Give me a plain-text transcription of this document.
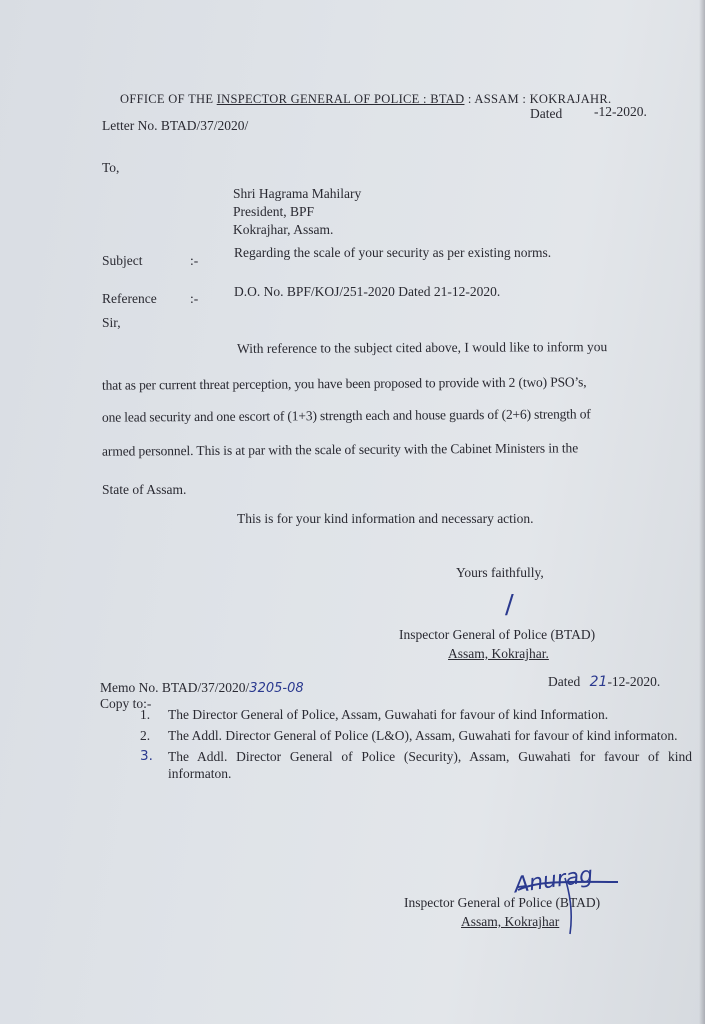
OFFICE OF THE INSPECTOR GENERAL OF POLICE : BTAD : ASSAM : KOKRAJAHR.
Letter No. BTAD/37/2020/
Dated -12-2020.
To,
Shri Hagrama Mahilary
President, BPF
Kokrajhar, Assam.
Subject	:-
Regarding the scale of your security as per existing norms.
Reference :-	D.O. No. BPF/KOJ/251-2020 Dated 21-12-2020.
Sir,
With reference to the subject cited above, I would like to inform you
that as per current threat perception, you have been proposed to provide with 2 (two) PSO’s,
one lead security and one escort of (1+3) strength each and house guards of (2+6) strength of
armed personnel. This is at par with the scale of security with the Cabinet Ministers in the
State of Assam.
This is for your kind information and necessary action.
Yours faithfully,
/
Inspector General of Police (BTAD)
Assam, Kokrajhar.
Memo No. BTAD/37/2020/3205-08	Dated 21-12-2020.
Copy to:-
1. The Director General of Police, Assam, Guwahati for favour of kind Information.
2. The Addl. Director General of Police (L&O), Assam, Guwahati for favour of kind informaton.
3. The Addl. Director General of Police (Security), Assam, Guwahati for favour of kind informaton.
Inspector General of Police (BTAD)
Assam, Kokrajhar
Anurag
